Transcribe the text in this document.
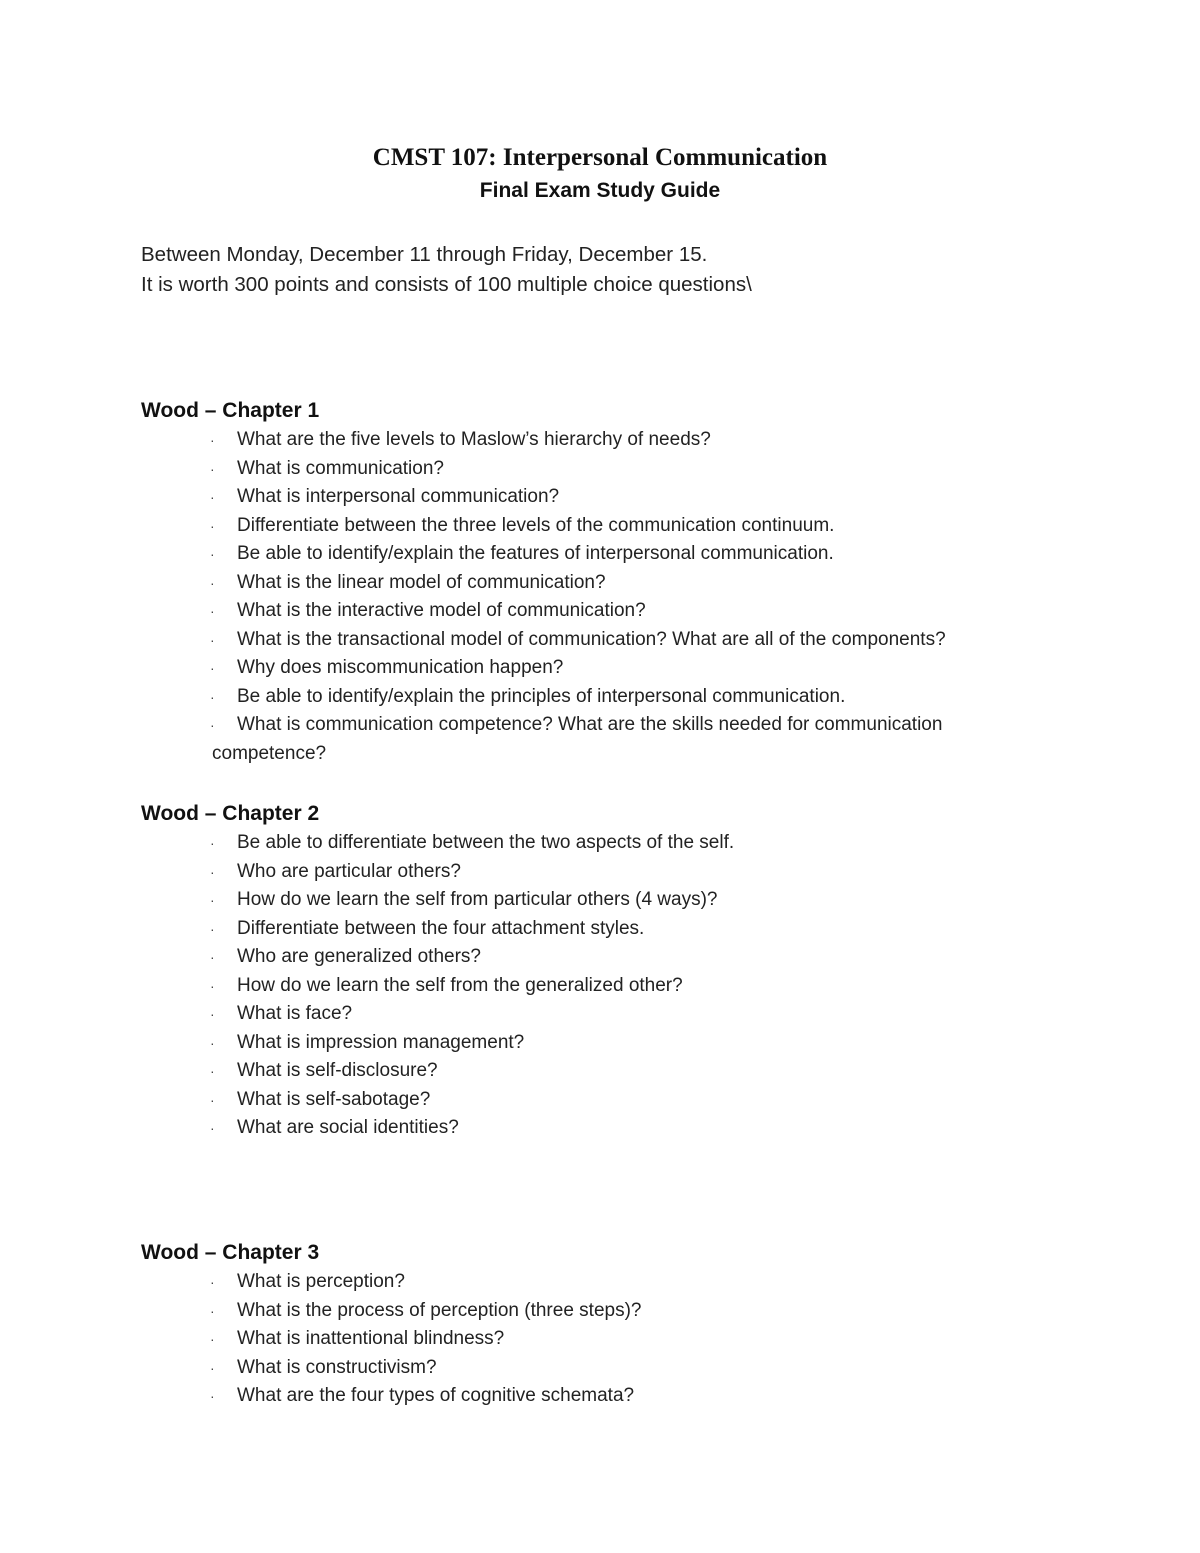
CMST 107: Interpersonal Communication
Final Exam Study Guide

Between Monday, December 11 through Friday, December 15.

It is worth 300 points and consists of 100 multiple choice questions\

Wood – Chapter 1
· What are the five levels to Maslow’s hierarchy of needs?
· What is communication?
· What is interpersonal communication?
· Differentiate between the three levels of the communication continuum.
· Be able to identify/explain the features of interpersonal communication.
· What is the linear model of communication?
· What is the interactive model of communication?
· What is the transactional model of communication? What are all of the components?
· Why does miscommunication happen?
· Be able to identify/explain the principles of interpersonal communication.
· What is communication competence? What are the skills needed for communication
competence?
Wood – Chapter 2
· Be able to differentiate between the two aspects of the self.
· Who are particular others?
· How do we learn the self from particular others (4 ways)?
· Differentiate between the four attachment styles.
· Who are generalized others?
· How do we learn the self from the generalized other?
· What is face?
· What is impression management?
· What is self-disclosure?
· What is self-sabotage?
· What are social identities?
Wood – Chapter 3
· What is perception?
· What is the process of perception (three steps)?
· What is inattentional blindness?
· What is constructivism?
· What are the four types of cognitive schemata?
